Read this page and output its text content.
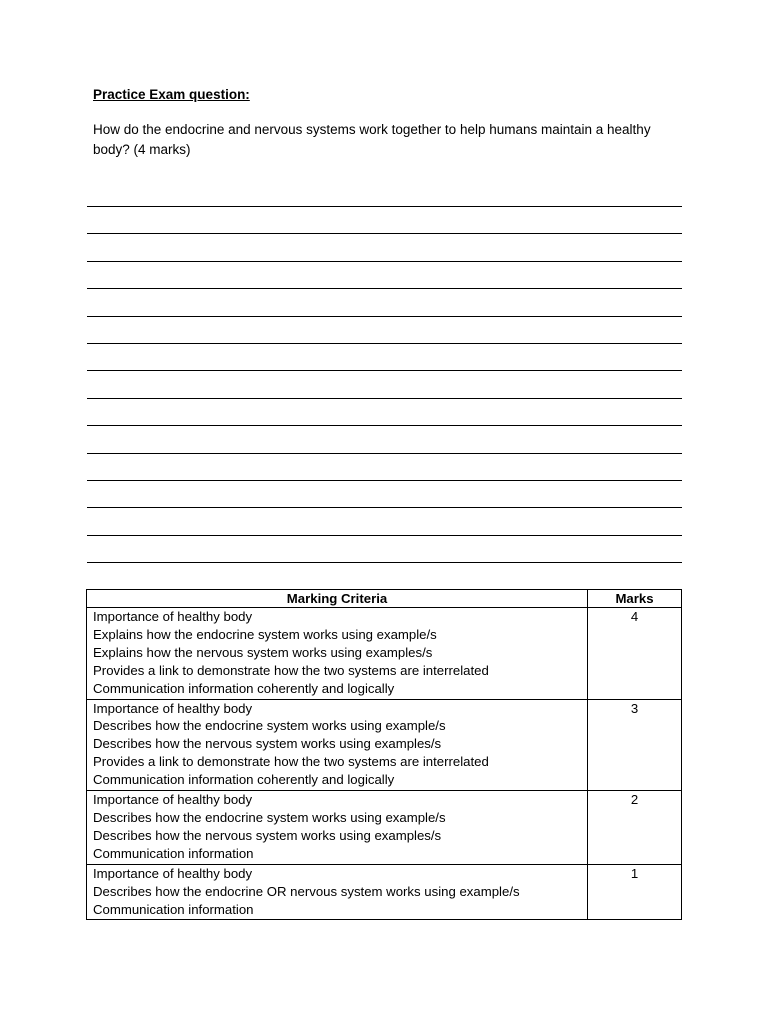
Practice Exam question:
How do the endocrine and nervous systems work together to help humans maintain a healthy body? (4 marks)
Marking Criteria	Marks

Importance of healthy body
Explains how the endocrine system works using example/s
Explains how the nervous system works using examples/s
Provides a link to demonstrate how the two systems are interrelated
Communication information coherently and logically	4

Importance of healthy body
Describes how the endocrine system works using example/s
Describes how the nervous system works using examples/s
Provides a link to demonstrate how the two systems are interrelated
Communication information coherently and logically	3

Importance of healthy body
Describes how the endocrine system works using example/s
Describes how the nervous system works using examples/s
Communication information	2

Importance of healthy body
Describes how the endocrine OR nervous system works using example/s
Communication information	1
